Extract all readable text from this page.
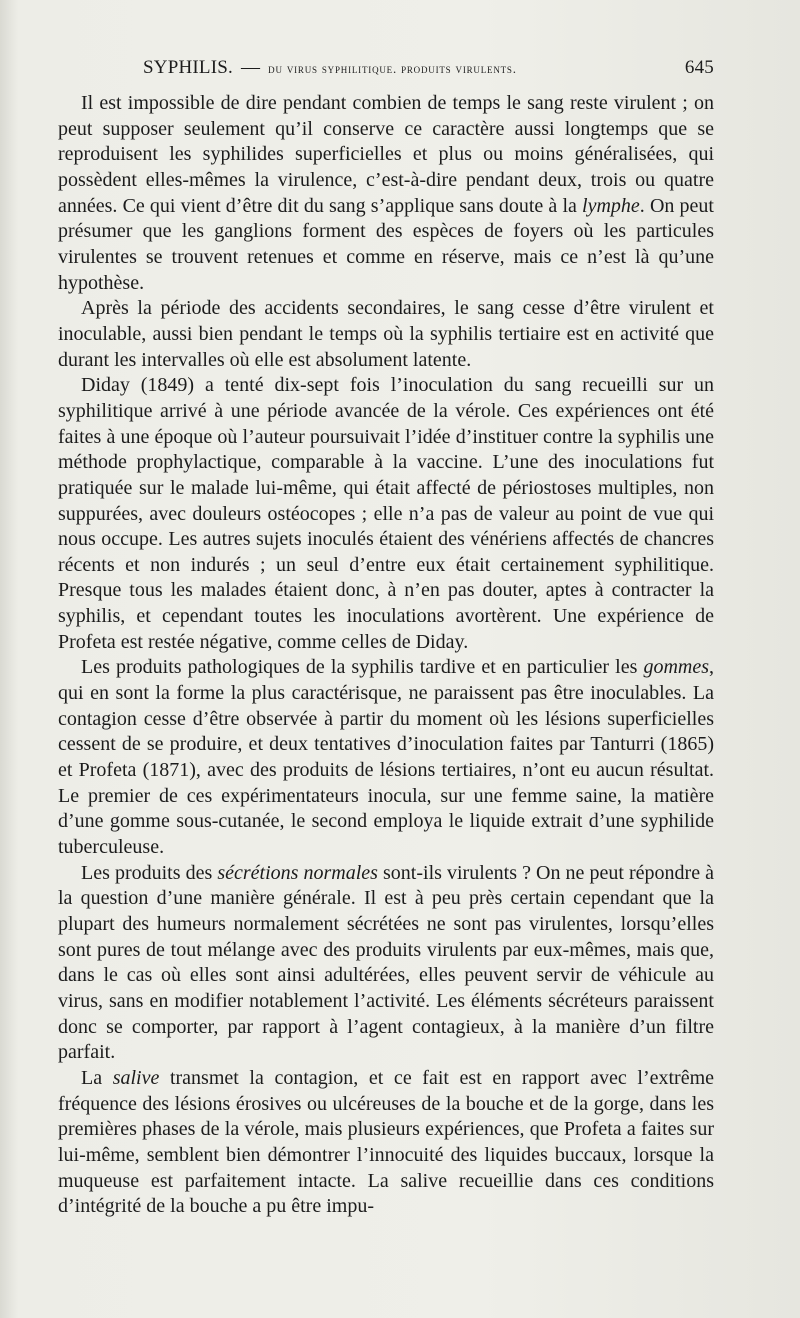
SYPHILIS. — du virus syphilitique. produits virulents.	645

Il est impossible de dire pendant combien de temps le sang reste virulent ; on peut supposer seulement qu’il conserve ce caractère aussi longtemps que se reproduisent les syphilides superficielles et plus ou moins généralisées, qui possèdent elles-mêmes la virulence, c’est-à-dire pendant deux, trois ou quatre années. Ce qui vient d’être dit du sang s’applique sans doute à la lymphe. On peut présumer que les ganglions forment des espèces de foyers où les particules virulentes se trouvent retenues et comme en réserve, mais ce n’est là qu’une hypothèse.

Après la période des accidents secondaires, le sang cesse d’être virulent et inoculable, aussi bien pendant le temps où la syphilis tertiaire est en activité que durant les intervalles où elle est absolument latente.

Diday (1849) a tenté dix-sept fois l’inoculation du sang recueilli sur un syphilitique arrivé à une période avancée de la vérole. Ces expériences ont été faites à une époque où l’auteur poursuivait l’idée d’instituer contre la syphilis une méthode prophylactique, comparable à la vaccine. L’une des inoculations fut pratiquée sur le malade lui-même, qui était affecté de périostoses multiples, non suppurées, avec douleurs ostéocopes ; elle n’a pas de valeur au point de vue qui nous occupe. Les autres sujets inoculés étaient des vénériens affectés de chancres récents et non indurés ; un seul d’entre eux était certainement syphilitique. Presque tous les malades étaient donc, à n’en pas douter, aptes à contracter la syphilis, et cependant toutes les inoculations avortèrent. Une expérience de Profeta est restée négative, comme celles de Diday.

Les produits pathologiques de la syphilis tardive et en particulier les gommes, qui en sont la forme la plus caractérisque, ne paraissent pas être inoculables. La contagion cesse d’être observée à partir du moment où les lésions superficielles cessent de se produire, et deux tentatives d’inoculation faites par Tanturri (1865) et Profeta (1871), avec des produits de lésions tertiaires, n’ont eu aucun résultat. Le premier de ces expérimentateurs inocula, sur une femme saine, la matière d’une gomme sous-cutanée, le second employa le liquide extrait d’une syphilide tuberculeuse.

Les produits des sécrétions normales sont-ils virulents ? On ne peut répondre à la question d’une manière générale. Il est à peu près certain cependant que la plupart des humeurs normalement sécrétées ne sont pas virulentes, lorsqu’elles sont pures de tout mélange avec des produits virulents par eux-mêmes, mais que, dans le cas où elles sont ainsi adultérées, elles peuvent servir de véhicule au virus, sans en modifier notablement l’activité. Les éléments sécréteurs paraissent donc se comporter, par rapport à l’agent contagieux, à la manière d’un filtre parfait.

La salive transmet la contagion, et ce fait est en rapport avec l’extrême fréquence des lésions érosives ou ulcéreuses de la bouche et de la gorge, dans les premières phases de la vérole, mais plusieurs expériences, que Profeta a faites sur lui-même, semblent bien démontrer l’innocuité des liquides buccaux, lorsque la muqueuse est parfaitement intacte. La salive recueillie dans ces conditions d’intégrité de la bouche a pu être impu-
